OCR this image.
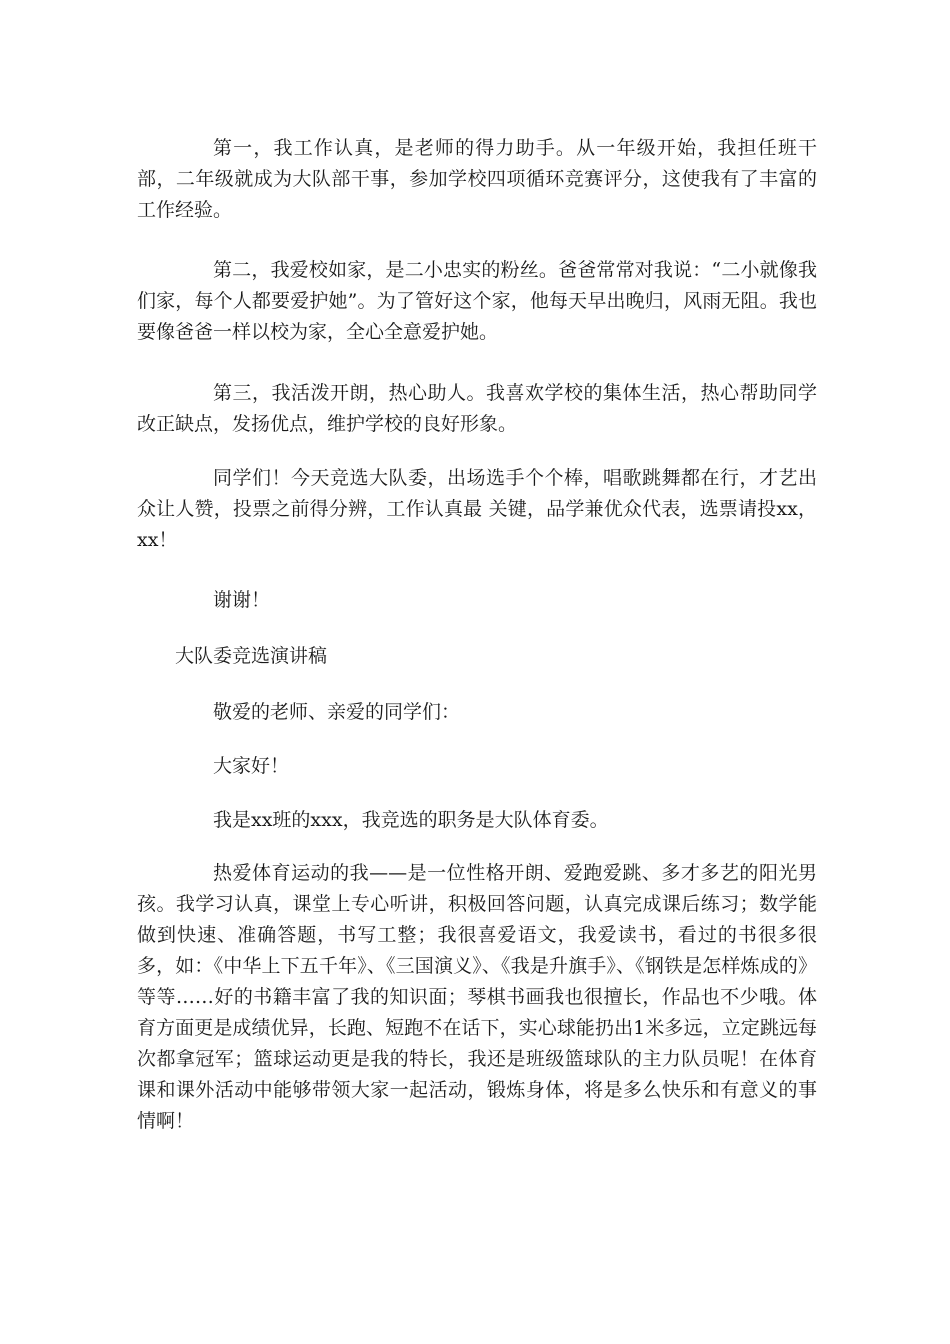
第一，我工作认真，是老师的得力助手。从一年级开始，我担任班干部，二年级就成为大队部干事，参加学校四项循环竞赛评分，这使我有了丰富的工作经验。

第二，我爱校如家，是二小忠实的粉丝。爸爸常常对我说：“二小就像我们家，每个人都要爱护她”。为了管好这个家，他每天早出晚归，风雨无阻。我也要像爸爸一样以校为家，全心全意爱护她。

第三，我活泼开朗，热心助人。我喜欢学校的集体生活，热心帮助同学改正缺点，发扬优点，维护学校的良好形象。

同学们！今天竞选大队委，出场选手个个棒，唱歌跳舞都在行，才艺出众让人赞，投票之前得分辨，工作认真最 关键，品学兼优众代表，选票请投xx，xx！

谢谢！

大队委竞选演讲稿

敬爱的老师、亲爱的同学们：

大家好！

我是xx班的xxx，我竞选的职务是大队体育委。

热爱体育运动的我——是一位性格开朗、爱跑爱跳、多才多艺的阳光男孩。我学习认真，课堂上专心听讲，积极回答问题，认真完成课后练习；数学能做到快速、准确答题，书写工整；我很喜爱语文，我爱读书，看过的书很多很多，如：《中华上下五千年》、《三国演义》、《我是升旗手》、《钢铁是怎样炼成的》等等……好的书籍丰富了我的知识面；琴棋书画我也很擅长，作品也不少哦。体育方面更是成绩优异，长跑、短跑不在话下，实心球能扔出1米多远，立定跳远每次都拿冠军；篮球运动更是我的特长，我还是班级篮球队的主力队员呢！在体育课和课外活动中能够带领大家一起活动，锻炼身体，将是多么快乐和有意义的事情啊！
